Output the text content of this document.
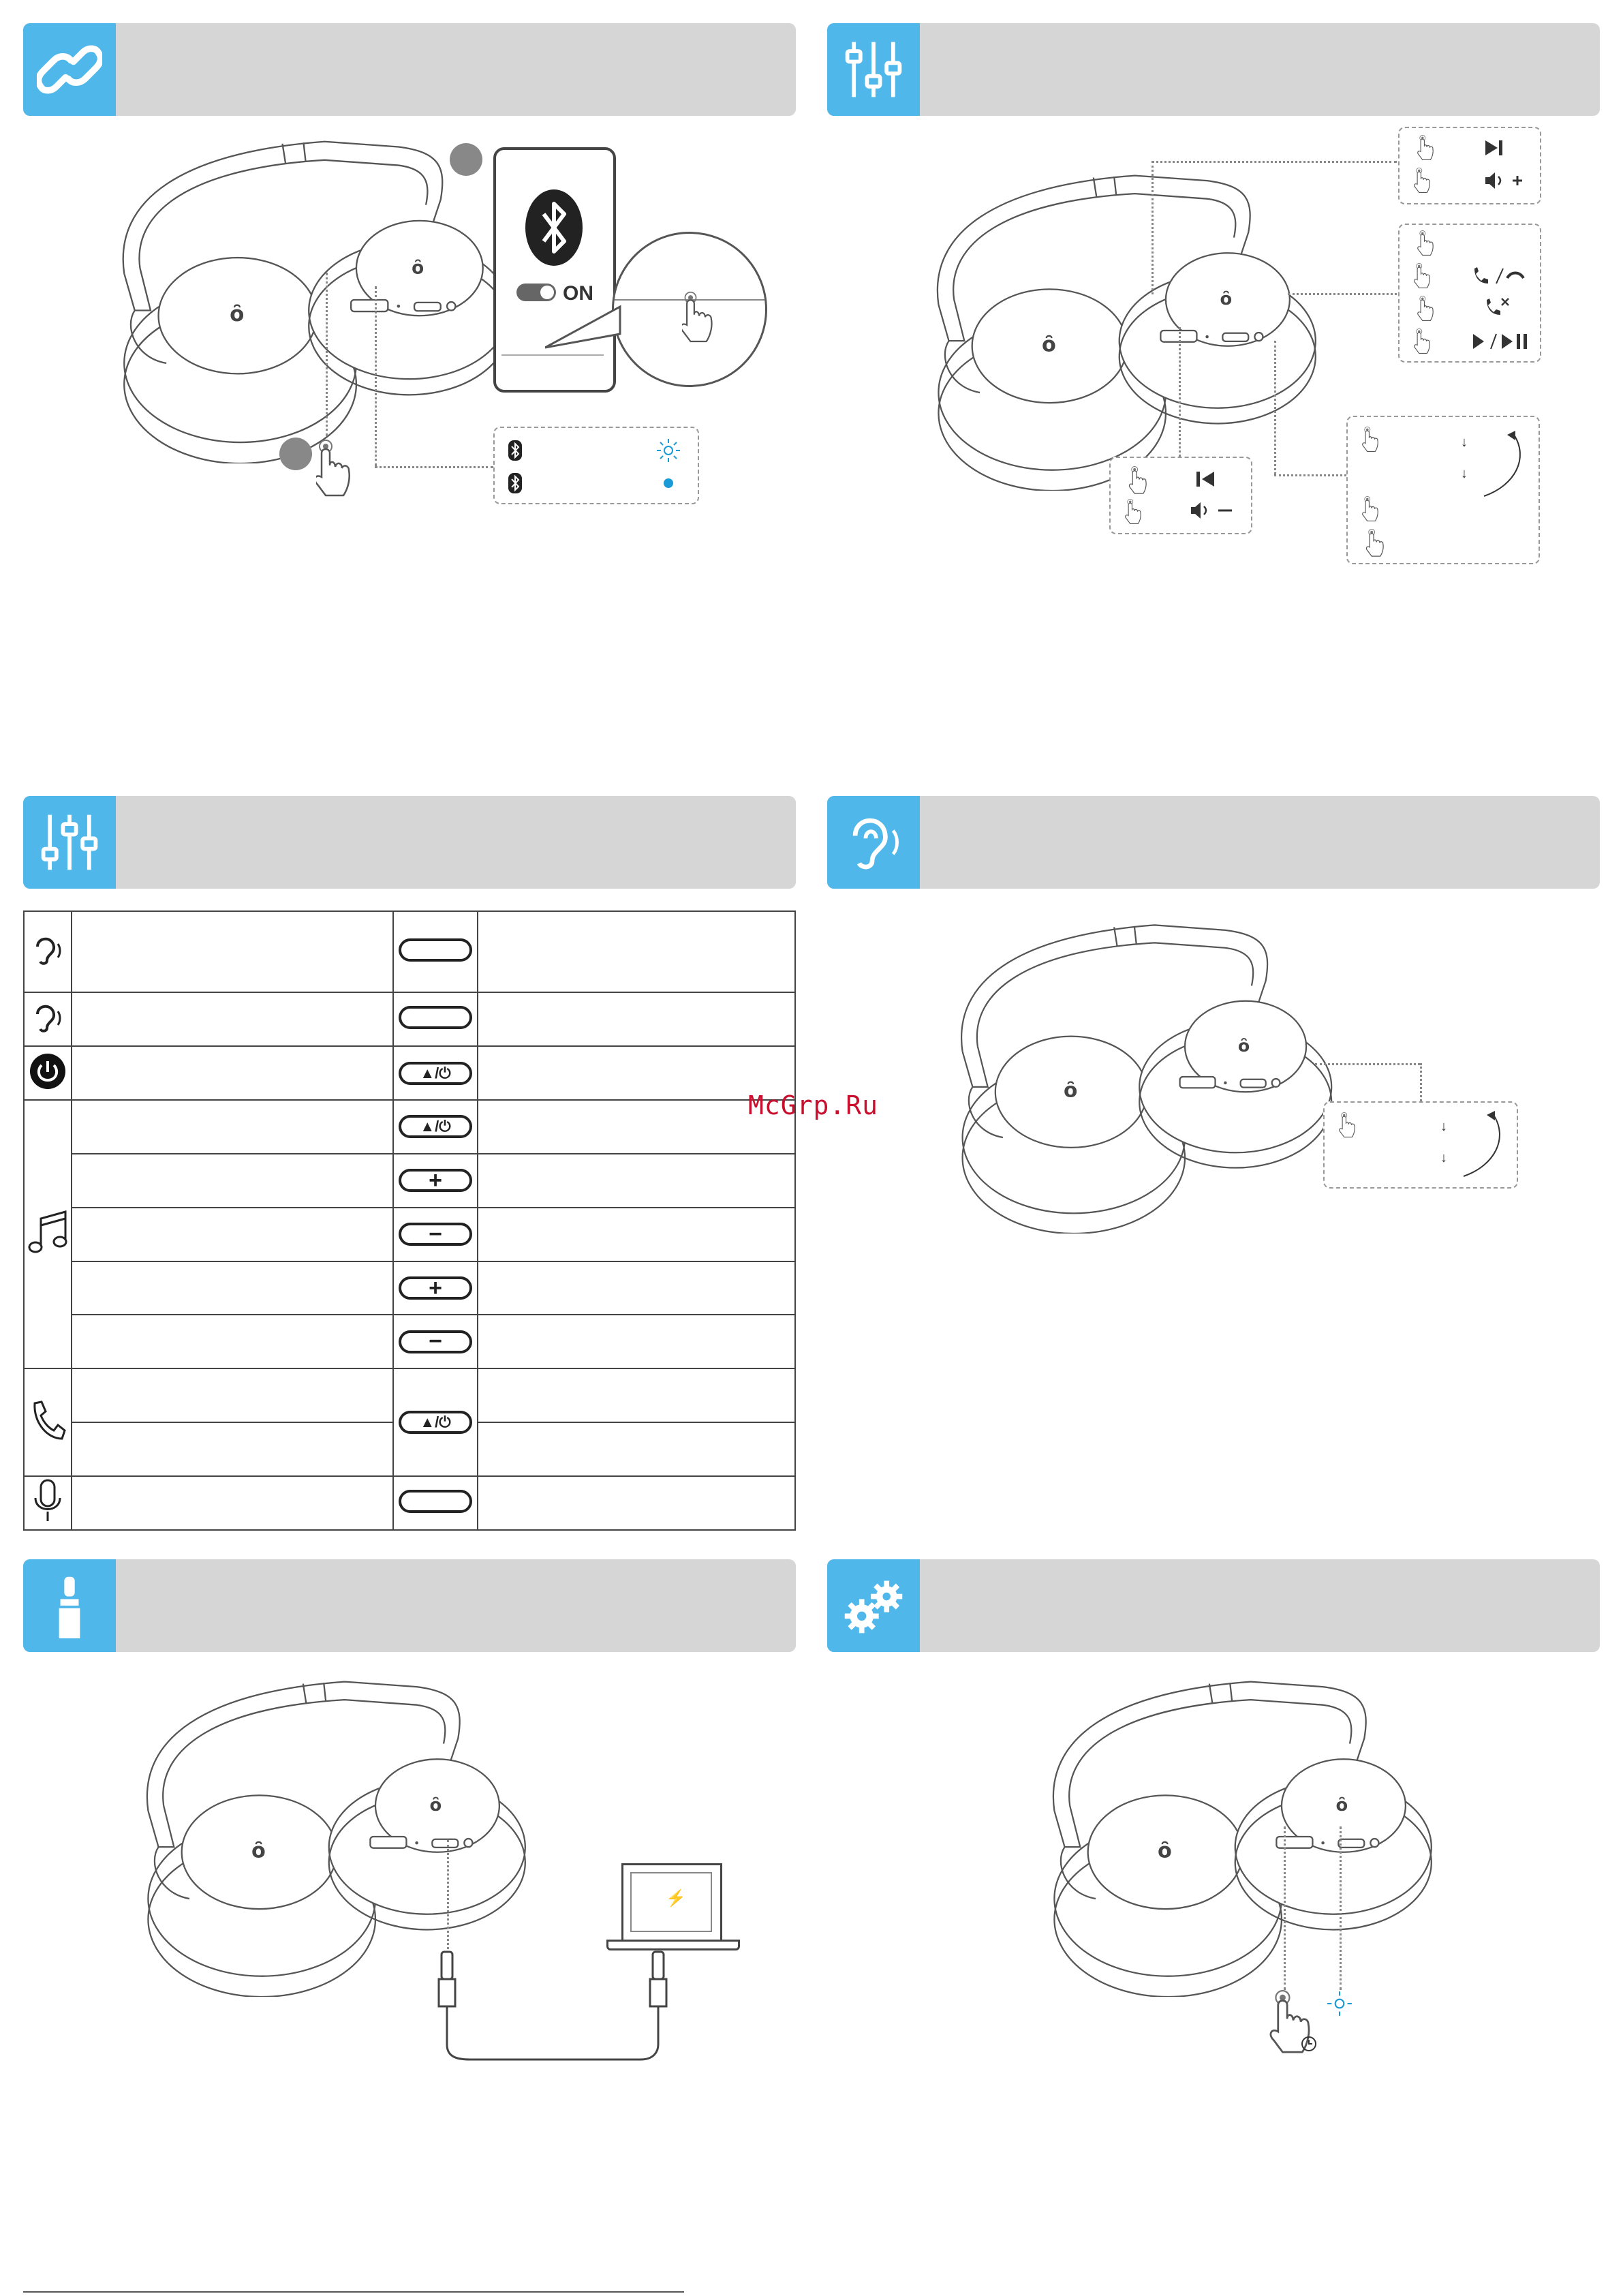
ON
↓
↓

		▲/⏻	
		▲/⏻	
		+	
		−	
		+	
		−	
		▲/⏻	

McGrp.Ru
↓
↓
⚡
